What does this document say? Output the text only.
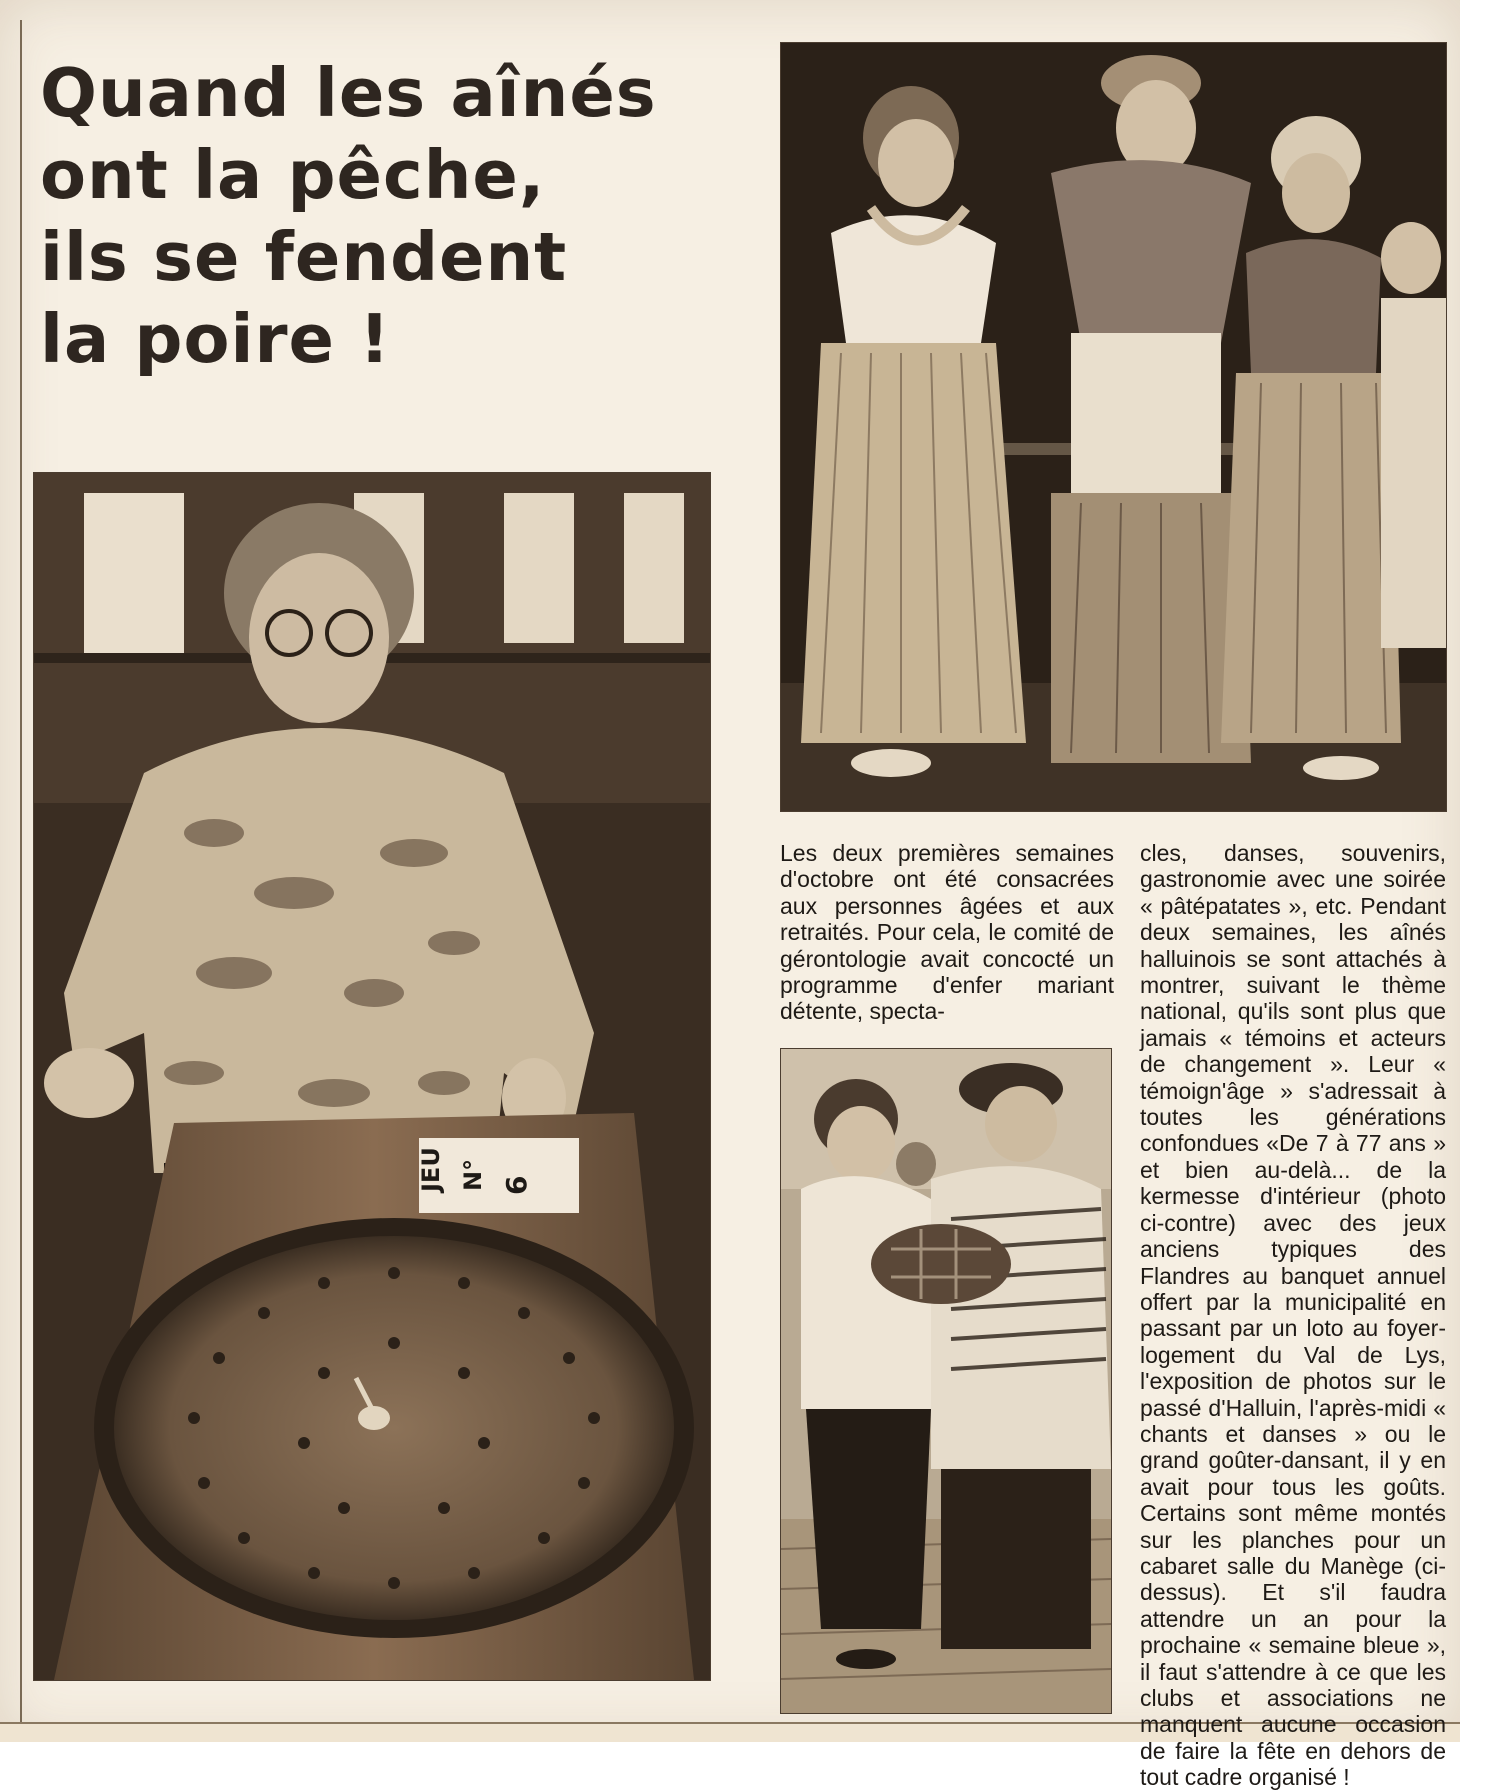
Quand les aînés
ont la pêche,
ils se fendent
la poire !
JEU N° 6
Les deux premières semaines d'octobre ont été consacrées aux personnes âgées et aux retraités. Pour cela, le comité de gérontologie avait concocté un programme d'enfer mariant détente, specta-
cles, danses, souvenirs, gastronomie avec une soirée « pâtépatates », etc. Pendant deux semaines, les aînés halluinois se sont attachés à montrer, suivant le thème national, qu'ils sont plus que jamais « témoins et acteurs de changement ». Leur « témoign'âge » s'adressait à toutes les générations confondues «De 7 à 77 ans » et bien au-delà... de la kermesse d'intérieur (photo ci-contre) avec des jeux anciens typiques des Flandres au banquet annuel offert par la municipalité en passant par un loto au foyer-logement du Val de Lys, l'exposition de photos sur le passé d'Halluin, l'après-midi « chants et danses » ou le grand goûter-dansant, il y en avait pour tous les goûts. Certains sont même montés sur les planches pour un cabaret salle du Manège (ci-dessus). Et s'il faudra attendre un an pour la prochaine « semaine bleue », il faut s'attendre à ce que les clubs et associations ne manquent aucune occasion de faire la fête en dehors de tout cadre organisé !
